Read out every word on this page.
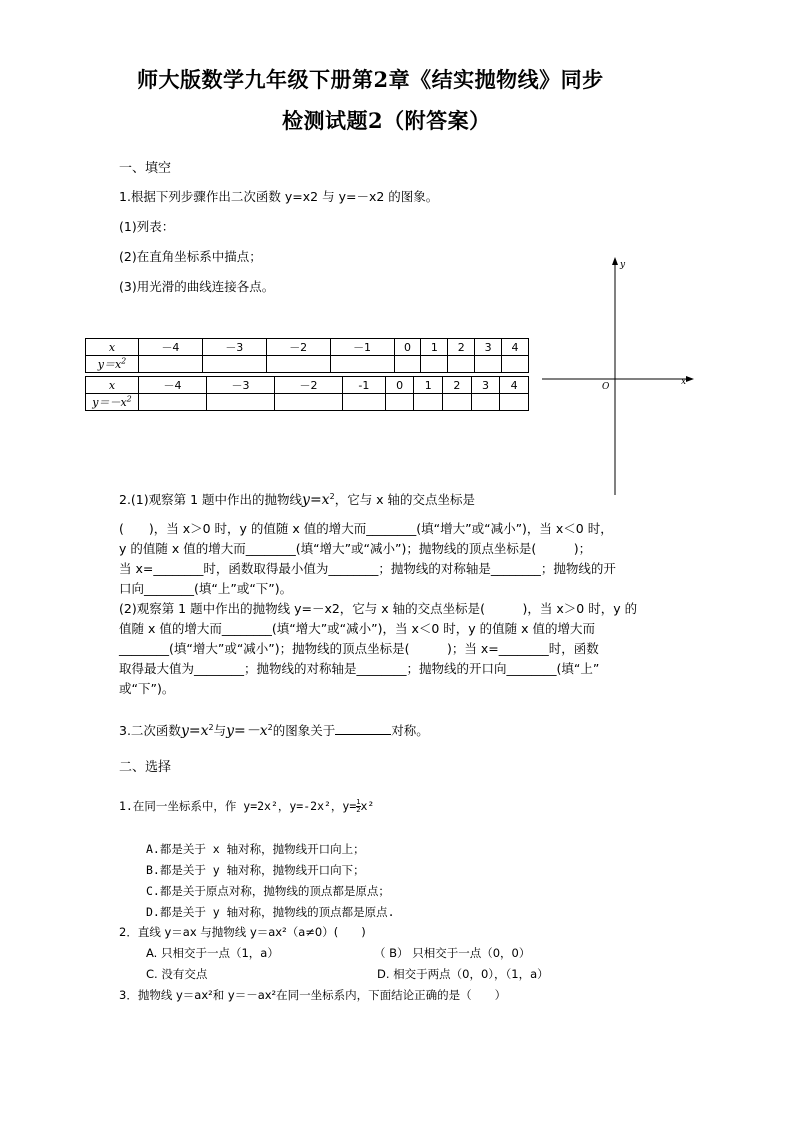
师大版数学九年级下册第2章《结实抛物线》同步
检测试题2（附答案）
一、填空
1.根据下列步骤作出二次函数 y=x2 与 y=－x2 的图象。
(1)列表：
(2)在直角坐标系中描点；
(3)用光滑的曲线连接各点。
x	－4	－3	－2	－1	0	1	2	3	4
$y=x^2$									
x	－4	－3	－2	-1	0	1	2	3	4
$y=-x^2$									
y
x
O
2.(1)观察第 1 题中作出的抛物线$y=x^2$，它与 x 轴的交点坐标是
(　　)，当 x＞0 时，y 的值随 x 值的增大而________(填“增大”或“减小”)，当 x＜0 时，
y 的值随 x 值的增大而________(填“增大”或“减小”)；抛物线的顶点坐标是(　　　)；
当 x=________时，函数取得最小值为________；抛物线的对称轴是________；抛物线的开
口向________(填“上”或“下”)。
(2)观察第 1 题中作出的抛物线 y=－x2，它与 x 轴的交点坐标是(　　　)，当 x＞0 时，y 的
值随 x 值的增大而________(填“增大”或“减小”)，当 x＜0 时，y 的值随 x 值的增大而
________(填“增大”或“减小”)；抛物线的顶点坐标是(　　　)；当 x=________时，函数
取得最大值为________；抛物线的对称轴是________；抛物线的开口向________(填“上”
或“下”)。
3.二次函数$y=x^2$与$y=-x^2$的图象关于	对称。
二、选择
1.在同一坐标系中，作 y=2x²，y=-2x²，$y= \frac{1}{2} x^2$
A.都是关于 x 轴对称，抛物线开口向上；
B.都是关于 y 轴对称，抛物线开口向下；
C.都是关于原点对称，抛物线的顶点都是原点；
D.都是关于 y 轴对称，抛物线的顶点都是原点.
2．直线 y＝ax 与抛物线 y＝ax²（a≠0）(　　)
A. 只相交于一点（1，a）	（ B） 只相交于一点（0，0）
C. 没有交点	D. 相交于两点（0，0），（1，a）
3．抛物线 y＝ax²和 y＝－ax²在同一坐标系内，下面结论正确的是（　　）
